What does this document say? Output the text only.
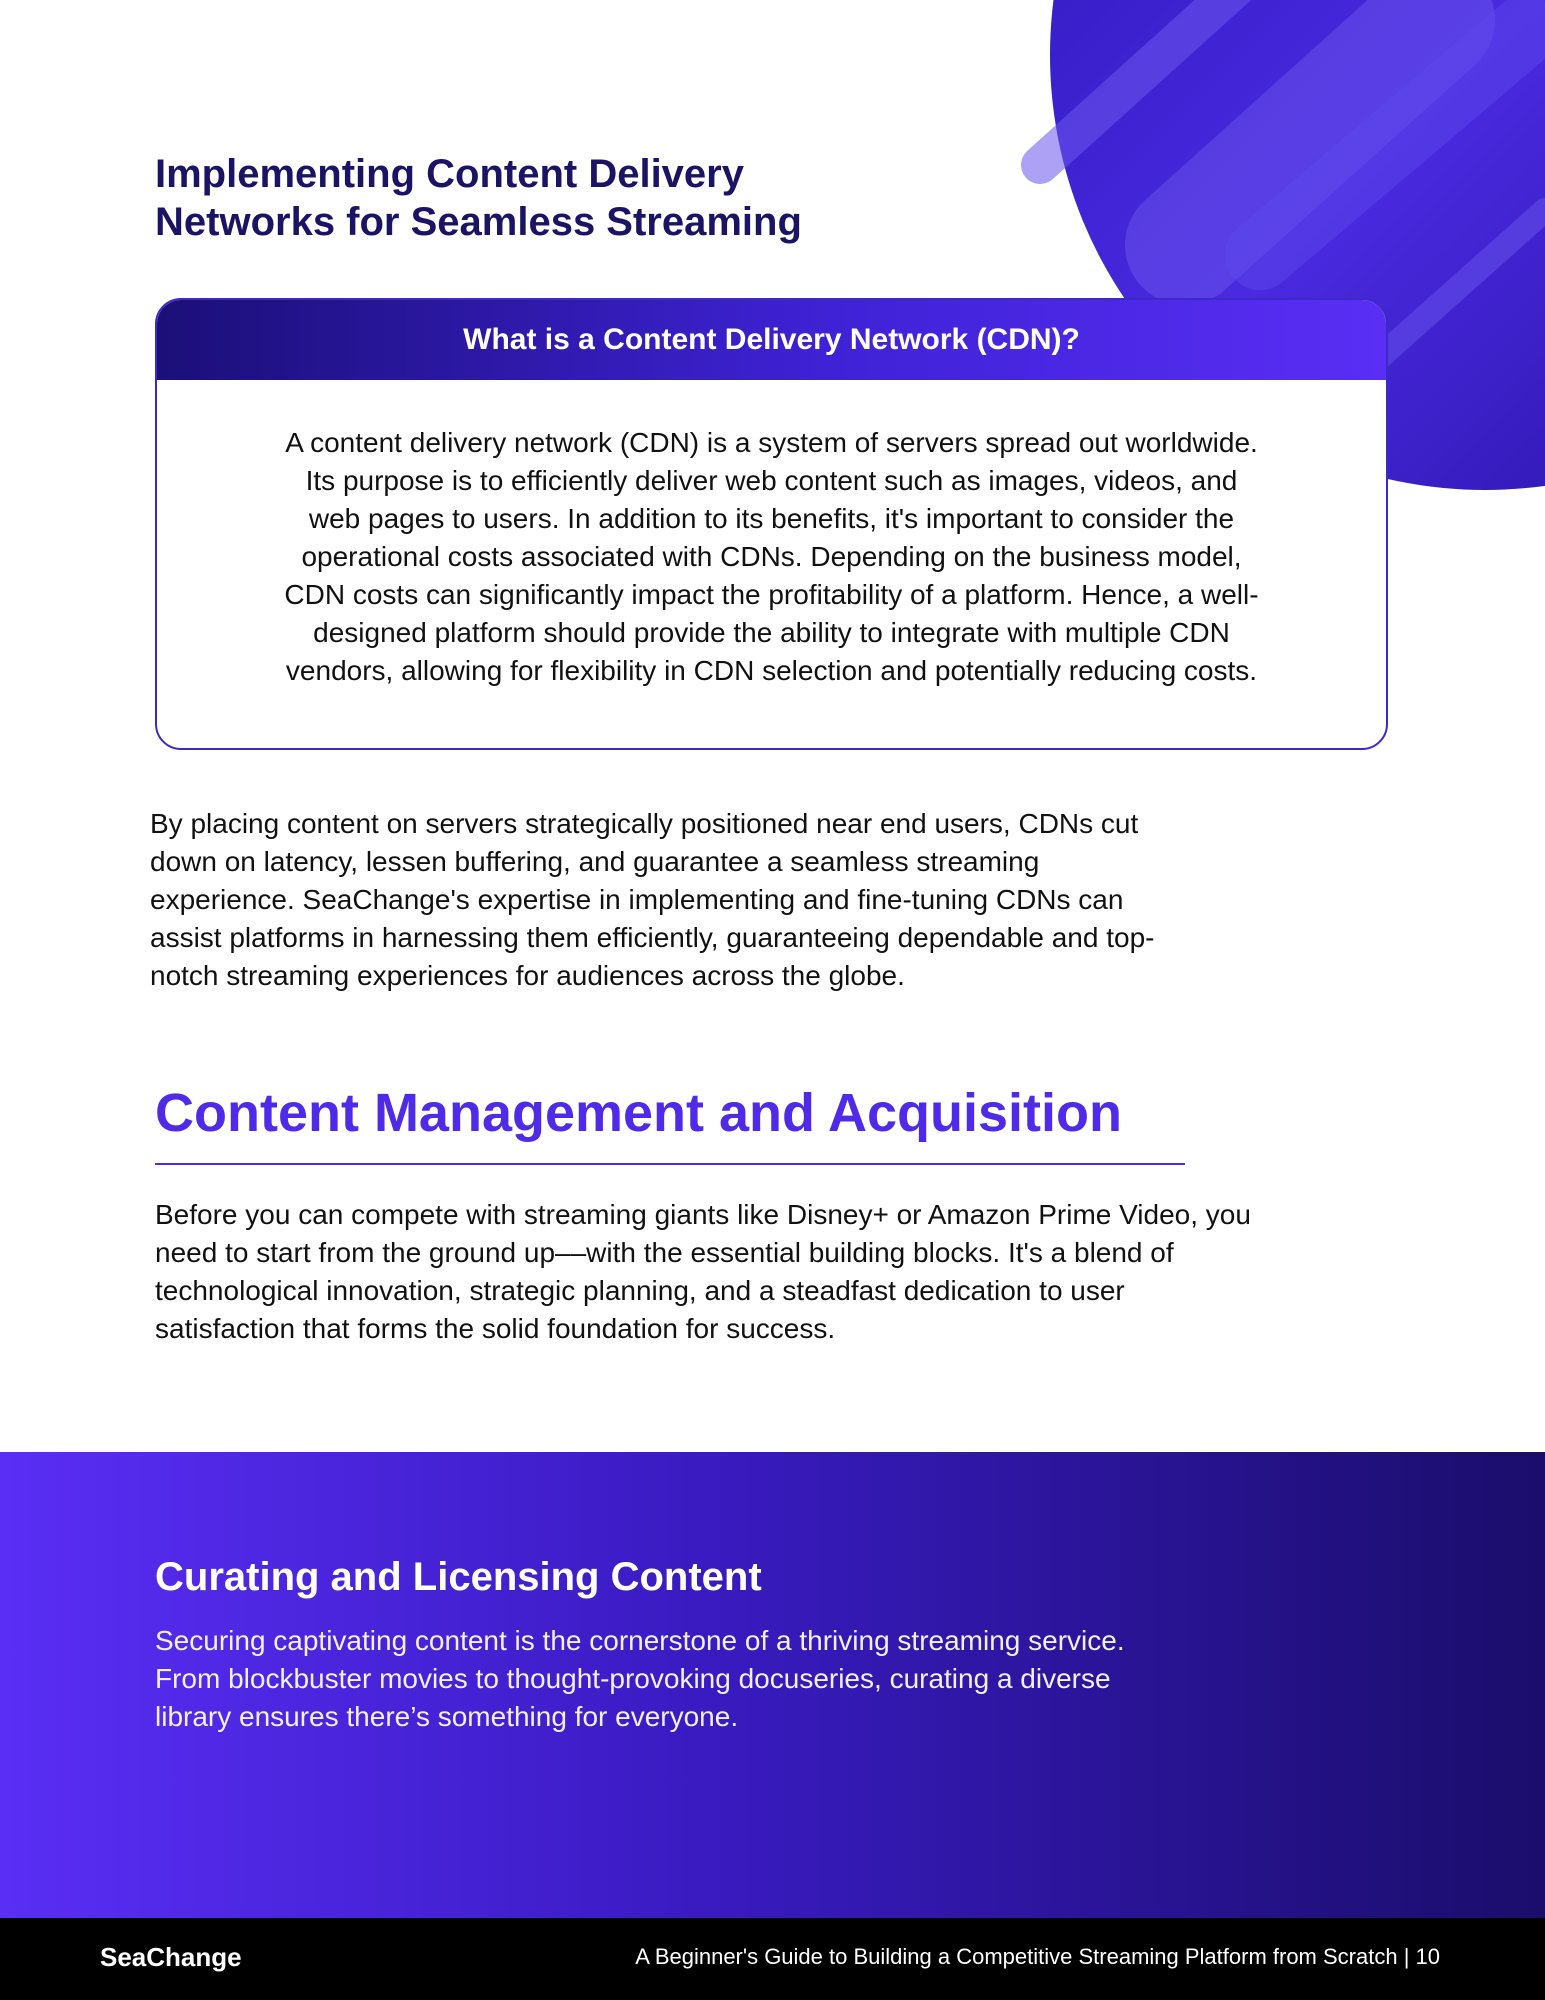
Implementing Content Delivery
Networks for Seamless Streaming
What is a Content Delivery Network (CDN)?
A content delivery network (CDN) is a system of servers spread out worldwide.
Its purpose is to efficiently deliver web content such as images, videos, and
web pages to users. In addition to its benefits, it's important to consider the
operational costs associated with CDNs. Depending on the business model,
CDN costs can significantly impact the profitability of a platform. Hence, a well-
designed platform should provide the ability to integrate with multiple CDN
vendors, allowing for flexibility in CDN selection and potentially reducing costs.
By placing content on servers strategically positioned near end users, CDNs cut
down on latency, lessen buffering, and guarantee a seamless streaming
experience. SeaChange's expertise in implementing and fine-tuning CDNs can
assist platforms in harnessing them efficiently, guaranteeing dependable and top-
notch streaming experiences for audiences across the globe.
Content Management and Acquisition
Before you can compete with streaming giants like Disney+ or Amazon Prime Video, you
need to start from the ground up––with the essential building blocks. It's a blend of
technological innovation, strategic planning, and a steadfast dedication to user
satisfaction that forms the solid foundation for success.
Curating and Licensing Content
Securing captivating content is the cornerstone of a thriving streaming service.
From blockbuster movies to thought-provoking docuseries, curating a diverse
library ensures there’s something for everyone.
SeaChange	A Beginner's Guide to Building a Competitive Streaming Platform from Scratch | 10
